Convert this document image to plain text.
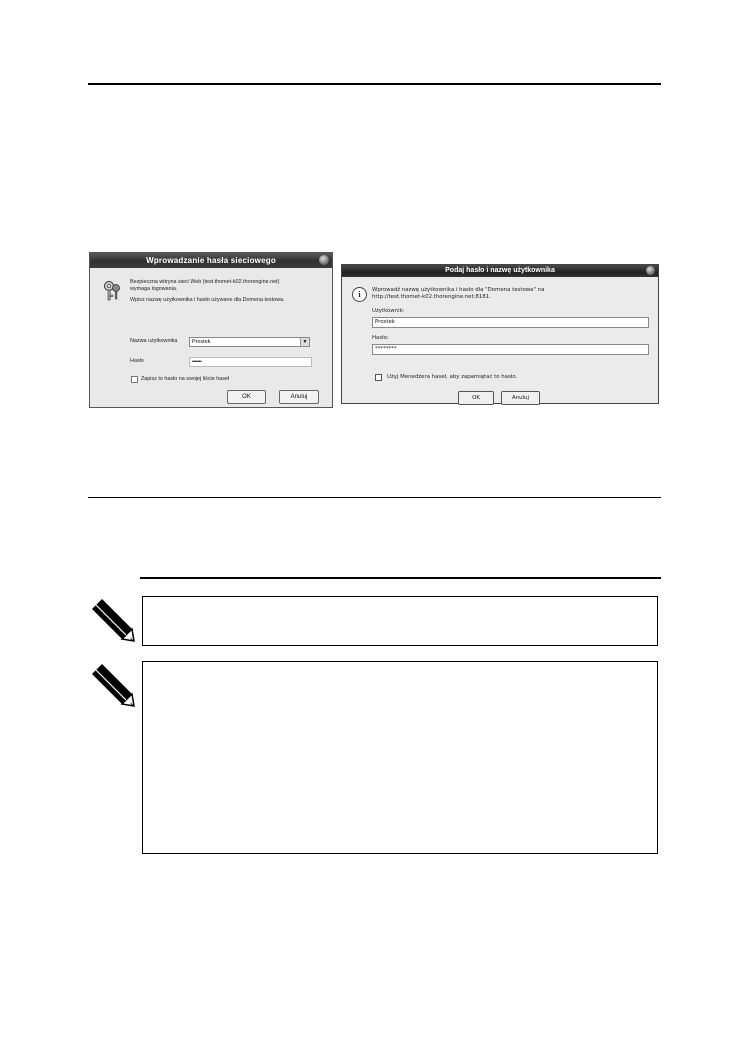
Wprowadzanie hasła sieciowego
Bezpieczna witryna sieci Web (test.thomet-k02.thorengine.net)
wymaga logowania.
Wpisz nazwę użytkownika i hasło używane dla Domena testowa.
Nazwa użytkownika	Prostek	▼
Hasło	•••••••
Zapisz to hasło na swojej liście haseł
OK	Anuluj
Podaj hasło i nazwę użytkownika
i	Wprowadź nazwę użytkownika i hasło dla "Domena testowa" na
http://test.thomet-k02.thorengine.net:8181.
Użytkownik:
Prostek
Hasło:
********
Użyj Menedżera haseł, aby zapamiętać to hasło.
OK	Anuluj
